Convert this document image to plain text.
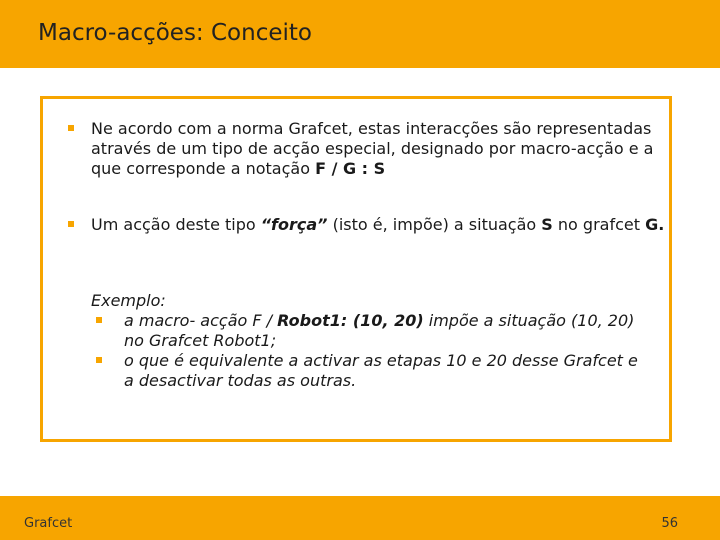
Macro-acções: Conceito
Ne acordo com a norma Grafcet, estas interacções são representadas através de um tipo de acção especial, designado por macro-acção e a que corresponde a notação F / G : S
Um acção deste tipo “força” (isto é, impõe) a situação S no grafcet G.
Exemplo:
a macro- acção F / Robot1: (10, 20) impõe a situação (10, 20) no Grafcet Robot1;
o que é equivalente a activar as etapas 10 e 20 desse Grafcet e a desactivar todas as outras.
Grafcet	56
